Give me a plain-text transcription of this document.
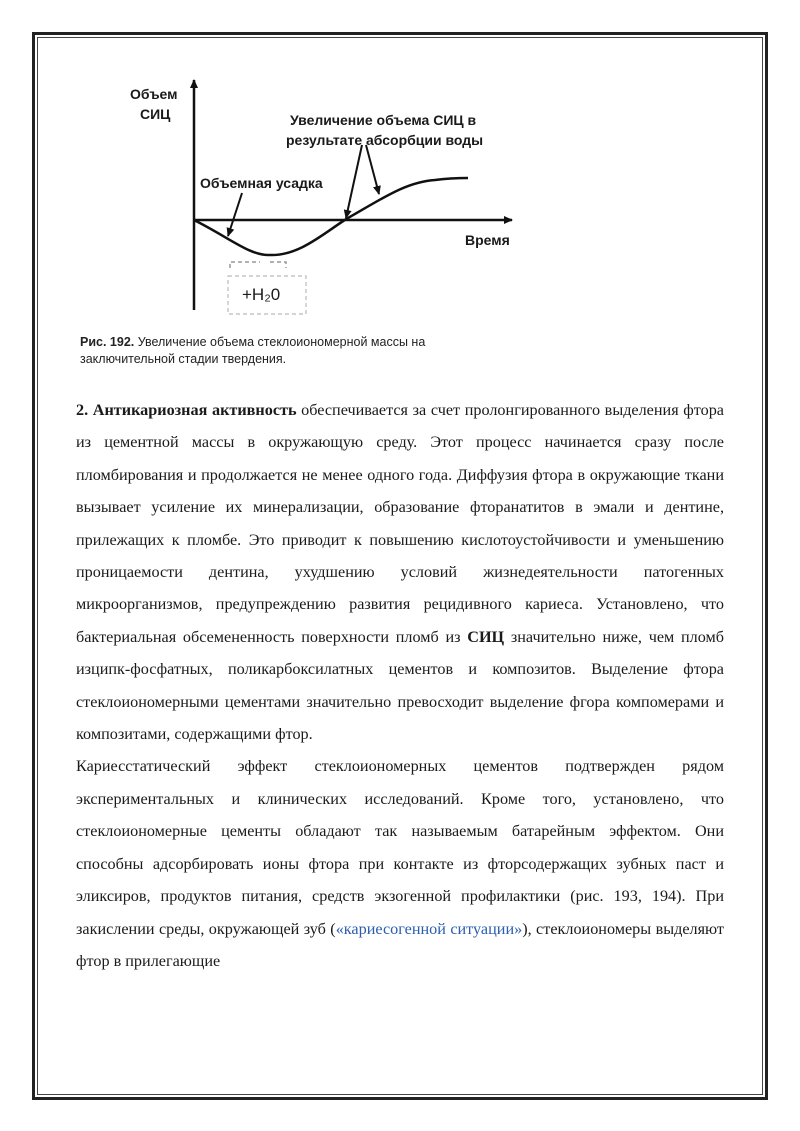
Объем
СИЦ
Время
Увеличение объема СИЦ в
результате абсорбции воды
Объемная усадка
+H₂0
Рис. 192. Увеличение объема стеклоиономерной массы на
заключительной стадии твердения.

2. Антикариозная активность обеспечивается за счет пролонгированного выделения фтора из цементной массы в окружающую среду. Этот процесс начинается сразу после пломбирования и продолжается не менее одного года. Диффузия фтора в окружающие ткани вызывает усиление их минерализации, образование фторанатитов в эмали и дентине, прилежащих к пломбе. Это приводит к повышению кислотоустойчивости и уменьшению проницаемости дентина, ухудшению условий жизнедеятельности патогенных микроорганизмов, предупреждению развития рецидивного кариеса. Установлено, что бактериальная обсемененность поверхности пломб из СИЦ значительно ниже, чем пломб изципк-фосфатных, поликарбоксилатных цементов и композитов. Выделение фтора стеклоиономерными цементами значительно превосходит выделение фгора компомерами и композитами, содержащими фтор.

Кариесстатический эффект стеклоиономерных цементов подтвержден рядом экспериментальных и клинических исследований. Кроме того, установлено, что стеклоиономерные цементы обладают так называемым батарейным эффектом. Они способны адсорбировать ионы фтора при контакте из фторсодержащих зубных паст и эликсиров, продуктов питания, средств экзогенной профилактики (рис. 193, 194). При закислении среды, окружающей зуб («кариесогенной ситуации»), стеклоиономеры выделяют фтор в прилегающие
